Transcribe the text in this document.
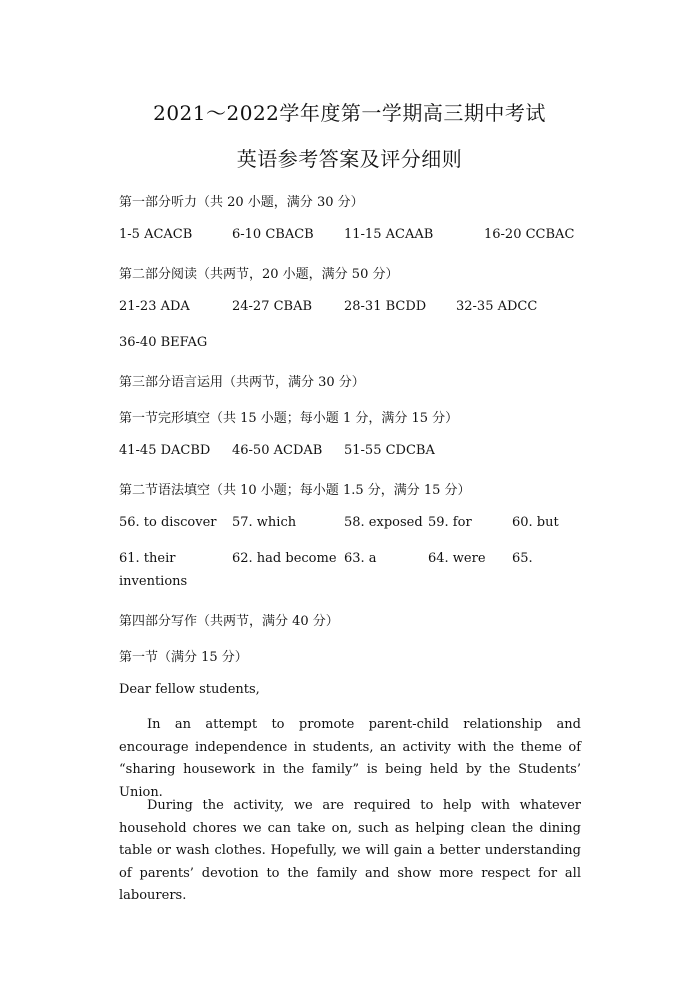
2021～2022学年度第一学期高三期中考试
英语参考答案及评分细则
第一部分听力（共 20 小题，满分 30 分）
1-5 ACACB	6-10 CBACB 11-15 ACAAB	16-20 CCBAC
第二部分阅读（共两节，20 小题，满分 50 分）
21-23 ADA	24-27 CBAB 28-31 BCDD 32-35 ADCC
36-40 BEFAG
第三部分语言运用（共两节，满分 30 分）
第一节完形填空（共 15 小题；每小题 1 分，满分 15 分）
41-45 DACBD 46-50 ACDAB 51-55 CDCBA
第二节语法填空（共 10 小题；每小题 1.5 分，满分 15 分）
56. to discover 57. which	58. exposed 59. for	60. but
61. their	62. had become 63. a	64. were 65.
inventions
第四部分写作（共两节，满分 40 分）
第一节（满分 15 分）
Dear fellow students,

In an attempt to promote parent-child relationship and encourage independence in students, an activity with the theme of “sharing housework in the family” is being held by the Students’ Union.

During the activity, we are required to help with whatever household chores we can take on, such as helping clean the dining table or wash clothes. Hopefully, we will gain a better understanding of parents’ devotion to the family and show more respect for all labourers.
